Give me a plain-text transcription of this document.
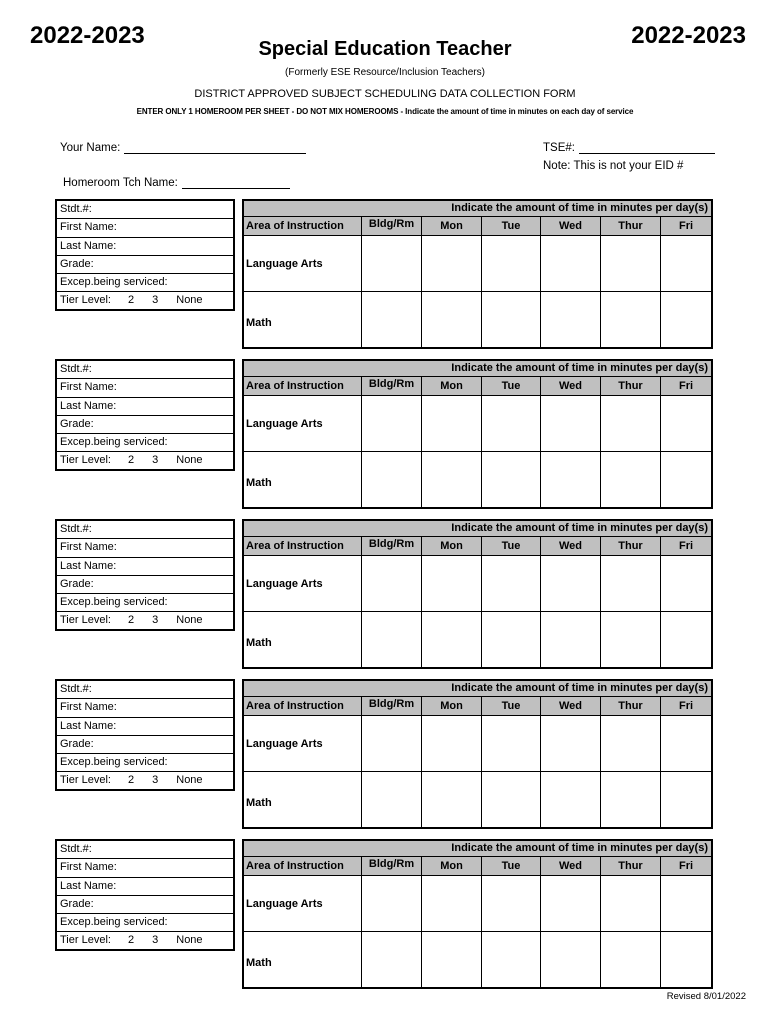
2022-2023	2022-2023
Special Education Teacher
(Formerly ESE Resource/Inclusion Teachers)
DISTRICT APPROVED SUBJECT SCHEDULING DATA COLLECTION FORM
ENTER ONLY 1 HOMEROOM PER SHEET - DO NOT MIX HOMEROOMS - Indicate the amount of time in minutes on each day of service
Your Name:	TSE#:
Note: This is not your EID #
Homeroom Tch Name:
Stdt.#:
First Name:
Last Name:
Grade:
Excep.being serviced:
Tier Level: 2 3 None
Indicate the amount of time in minutes per day(s)
Area of Instruction	Bldg/Rm	Mon	Tue	Wed	Thur	Fri
Language Arts
Math
Stdt.#:
First Name:
Last Name:
Grade:
Excep.being serviced:
Tier Level: 2 3 None
Indicate the amount of time in minutes per day(s)
Area of Instruction	Bldg/Rm	Mon	Tue	Wed	Thur	Fri
Language Arts
Math
Stdt.#:
First Name:
Last Name:
Grade:
Excep.being serviced:
Tier Level: 2 3 None
Indicate the amount of time in minutes per day(s)
Area of Instruction	Bldg/Rm	Mon	Tue	Wed	Thur	Fri
Language Arts
Math
Stdt.#:
First Name:
Last Name:
Grade:
Excep.being serviced:
Tier Level: 2 3 None
Indicate the amount of time in minutes per day(s)
Area of Instruction	Bldg/Rm	Mon	Tue	Wed	Thur	Fri
Language Arts
Math
Stdt.#:
First Name:
Last Name:
Grade:
Excep.being serviced:
Tier Level: 2 3 None
Indicate the amount of time in minutes per day(s)
Area of Instruction	Bldg/Rm	Mon	Tue	Wed	Thur	Fri
Language Arts
Math
Revised 8/01/2022
